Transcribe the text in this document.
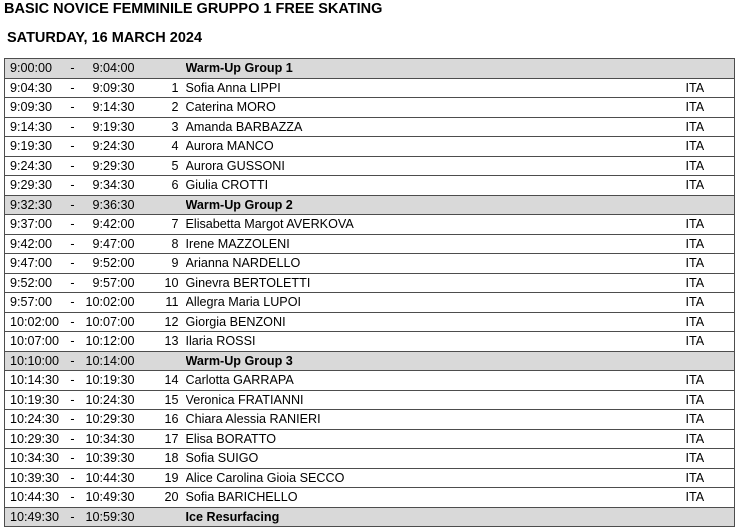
BASIC NOVICE FEMMINILE GRUPPO 1 FREE SKATING
SATURDAY, 16 MARCH 2024
9:00:00	-	9:04:00		Warm-Up Group 1	
9:04:30	-	9:09:30	1	Sofia Anna LIPPI	ITA
9:09:30	-	9:14:30	2	Caterina MORO	ITA
9:14:30	-	9:19:30	3	Amanda BARBAZZA	ITA
9:19:30	-	9:24:30	4	Aurora MANCO	ITA
9:24:30	-	9:29:30	5	Aurora GUSSONI	ITA
9:29:30	-	9:34:30	6	Giulia CROTTI	ITA
9:32:30	-	9:36:30		Warm-Up Group 2	
9:37:00	-	9:42:00	7	Elisabetta Margot AVERKOVA	ITA
9:42:00	-	9:47:00	8	Irene MAZZOLENI	ITA
9:47:00	-	9:52:00	9	Arianna NARDELLO	ITA
9:52:00	-	9:57:00	10	Ginevra BERTOLETTI	ITA
9:57:00	-	10:02:00	11	Allegra Maria LUPOI	ITA
10:02:00	-	10:07:00	12	Giorgia BENZONI	ITA
10:07:00	-	10:12:00	13	Ilaria ROSSI	ITA
10:10:00	-	10:14:00		Warm-Up Group 3	
10:14:30	-	10:19:30	14	Carlotta GARRAPA	ITA
10:19:30	-	10:24:30	15	Veronica FRATIANNI	ITA
10:24:30	-	10:29:30	16	Chiara Alessia RANIERI	ITA
10:29:30	-	10:34:30	17	Elisa BORATTO	ITA
10:34:30	-	10:39:30	18	Sofia SUIGO	ITA
10:39:30	-	10:44:30	19	Alice Carolina Gioia SECCO	ITA
10:44:30	-	10:49:30	20	Sofia BARICHELLO	ITA
10:49:30	-	10:59:30		Ice Resurfacing	
